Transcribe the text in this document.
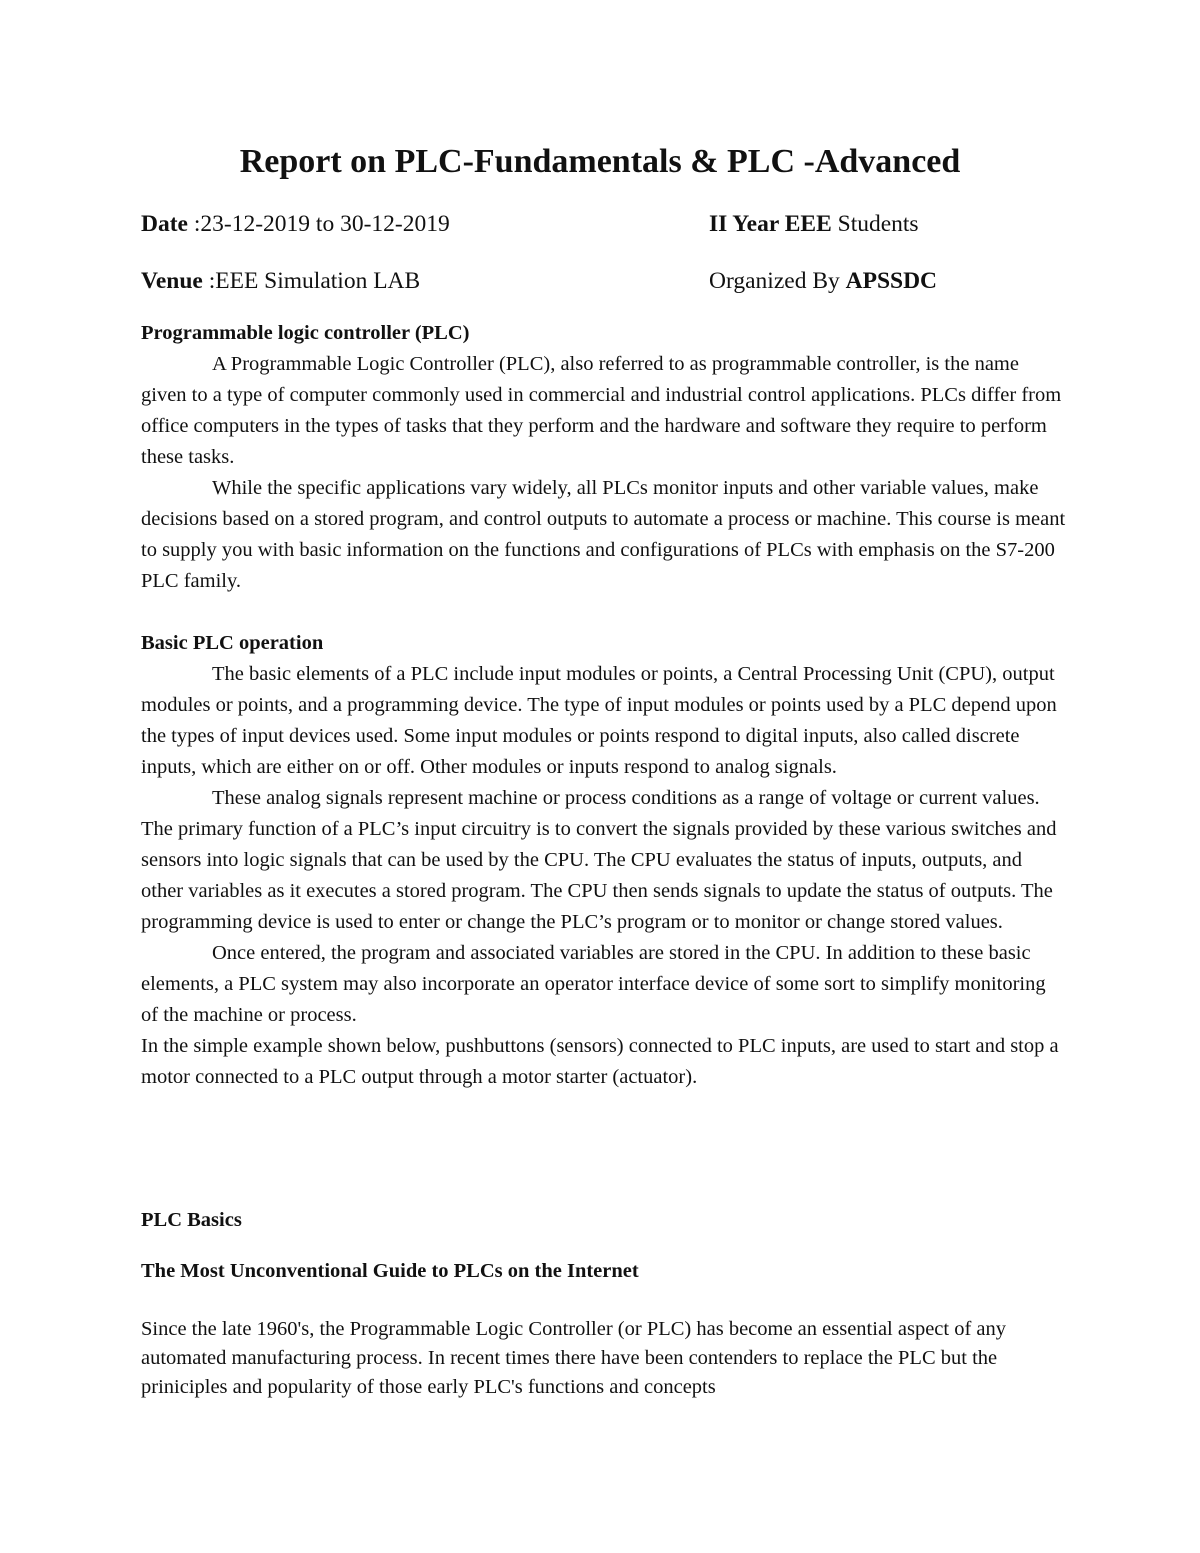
Report on PLC-Fundamentals & PLC -Advanced
Date :23-12-2019 to 30-12-2019	II Year EEE Students
Venue :EEE Simulation LAB	Organized By APSSDC

Programmable logic controller (PLC)

A Programmable Logic Controller (PLC), also referred to as programmable controller, is the name given to a type of computer commonly used in commercial and industrial control applications. PLCs differ from office computers in the types of tasks that they perform and the hardware and software they require to perform these tasks.

While the specific applications vary widely, all PLCs monitor inputs and other variable values, make decisions based on a stored program, and control outputs to automate a process or machine. This course is meant to supply you with basic information on the functions and configurations of PLCs with emphasis on the S7-200 PLC family.

Basic PLC operation

The basic elements of a PLC include input modules or points, a Central Processing Unit (CPU), output modules or points, and a programming device. The type of input modules or points used by a PLC depend upon the types of input devices used. Some input modules or points respond to digital inputs, also called discrete inputs, which are either on or off. Other modules or inputs respond to analog signals.

These analog signals represent machine or process conditions as a range of voltage or current values. The primary function of a PLC’s input circuitry is to convert the signals provided by these various switches and sensors into logic signals that can be used by the CPU. The CPU evaluates the status of inputs, outputs, and other variables as it executes a stored program. The CPU then sends signals to update the status of outputs. The programming device is used to enter or change the PLC’s program or to monitor or change stored values.

Once entered, the program and associated variables are stored in the CPU. In addition to these basic elements, a PLC system may also incorporate an operator interface device of some sort to simplify monitoring of the machine or process.

In the simple example shown below, pushbuttons (sensors) connected to PLC inputs, are used to start and stop a motor connected to a PLC output through a motor starter (actuator).

PLC Basics

The Most Unconventional Guide to PLCs on the Internet

Since the late 1960's, the Programmable Logic Controller (or PLC) has become an essential aspect of any automated manufacturing process. In recent times there have been contenders to replace the PLC but the priniciples and popularity of those early PLC's functions and concepts
